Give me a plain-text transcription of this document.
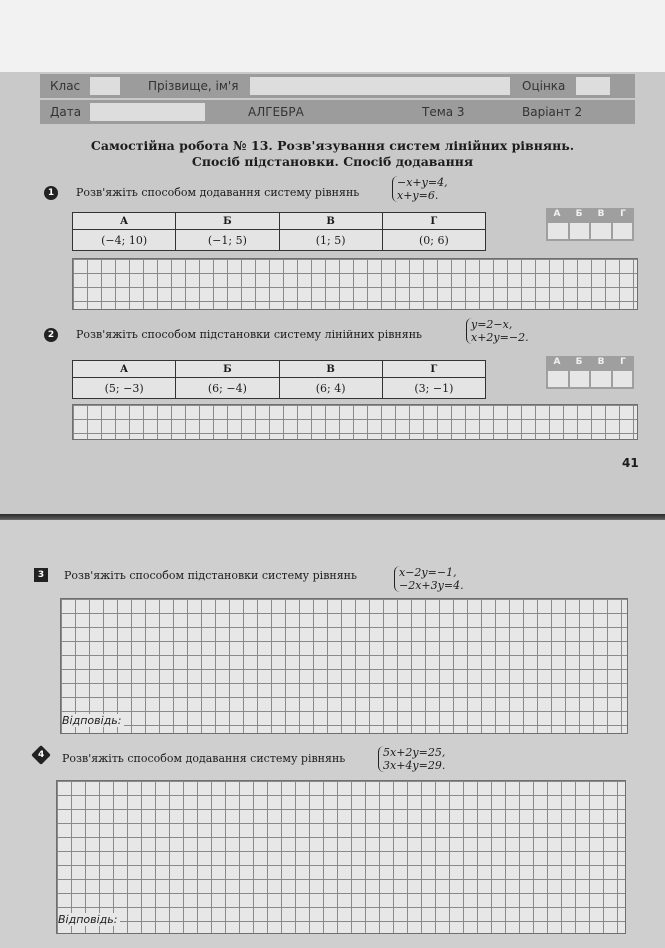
Клас	Прізвище, ім'я	Оцінка
Дата	АЛГЕБРА	Тема 3	Варіант 2
Самостійна робота № 13. Розв'язування систем лінійних рівнянь.
Спосіб підстановки. Спосіб додавання
1 Розв'яжіть способом додавання систему рівнянь
−x+y=4,
x+y=6.
А	Б	В	Г
(−4; 10)	(−1; 5)	(1; 5)	(0; 6)
А	Б	В	Г
2 Розв'яжіть способом підстановки систему лінійних рівнянь
y=2−x,
x+2y=−2.
А	Б	В	Г
(5; −3)	(6; −4)	(6; 4)	(3; −1)
А	Б	В	Г
41
3 Розв'яжіть способом підстановки систему рівнянь	x−2y=−1,
−2x+3y=4.
Відповідь:
4 Розв'яжіть способом додавання систему рівнянь	5x+2y=25,
3x+4y=29.
Відповідь:
